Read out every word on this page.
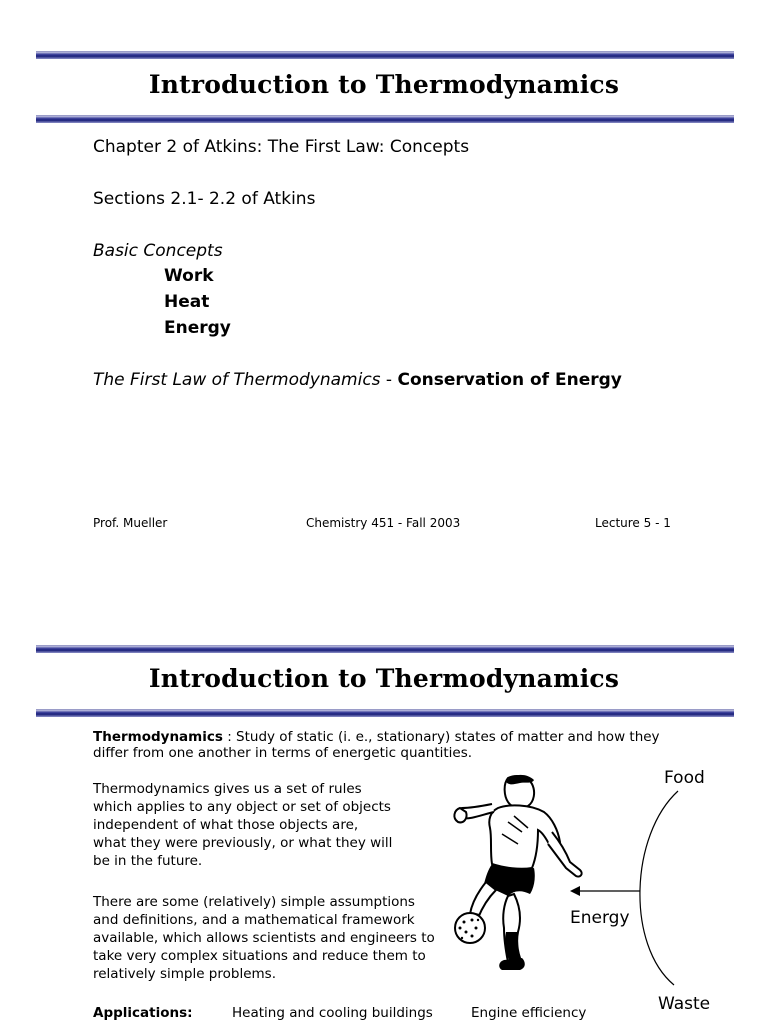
Introduction to Thermodynamics
Chapter 2 of Atkins: The First Law: Concepts
Sections 2.1- 2.2 of Atkins
Basic Concepts
Work
Heat
Energy
The First Law of Thermodynamics - Conservation of Energy
Prof. Mueller	Chemistry 451 - Fall 2003	Lecture 5 - 1
Introduction to Thermodynamics
Thermodynamics : Study of static (i. e., stationary) states of matter and how they differ from one another in terms of energetic quantities.
Thermodynamics gives us a set of rules
which applies to any object or set of objects
independent of what those objects are,
what they were previously, or what they will
be in the future.
There are some (relatively) simple assumptions
and definitions, and a mathematical framework
available, which allows scientists and engineers to
take very complex situations and reduce them to
relatively simple problems.
Applications:	Heating and cooling buildings	Engine efficiency
Food
Energy
Waste
